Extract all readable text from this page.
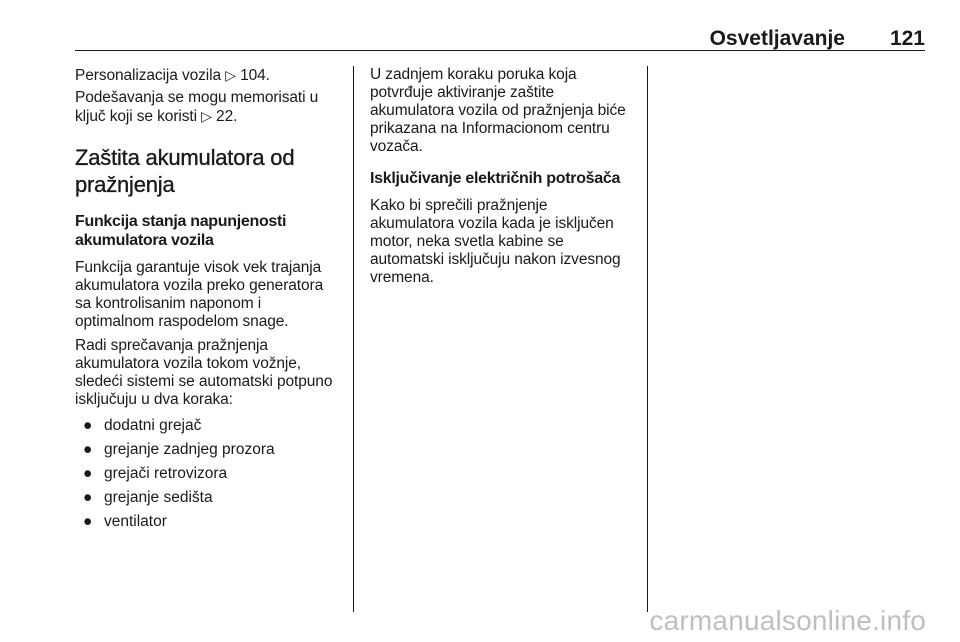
Osvetljavanje 121

Personalizacija vozila ▷ 104.

Podešavanja se mogu memorisati u ključ koji se koristi ▷ 22.

Zaštita akumulatora od pražnjenja
Funkcija stanja napunjenosti akumulatora vozila

Funkcija garantuje visok vek trajanja akumulatora vozila preko generatora sa kontrolisanim naponom i optimalnom raspodelom snage.

Radi sprečavanja pražnjenja akumulatora vozila tokom vožnje, sledeći sistemi se automatski potpuno isključuju u dva koraka:

● dodatni grejač
● grejanje zadnjeg prozora
● grejači retrovizora
● grejanje sedišta
● ventilator

U zadnjem koraku poruka koja potvrđuje aktiviranje zaštite akumulatora vozila od pražnjenja biće prikazana na Informacionom centru vozača.

Isključivanje električnih potrošača

Kako bi sprečili pražnjenje akumulatora vozila kada je isključen motor, neka svetla kabine se automatski isključuju nakon izvesnog vremena.

carmanualsonline.info
